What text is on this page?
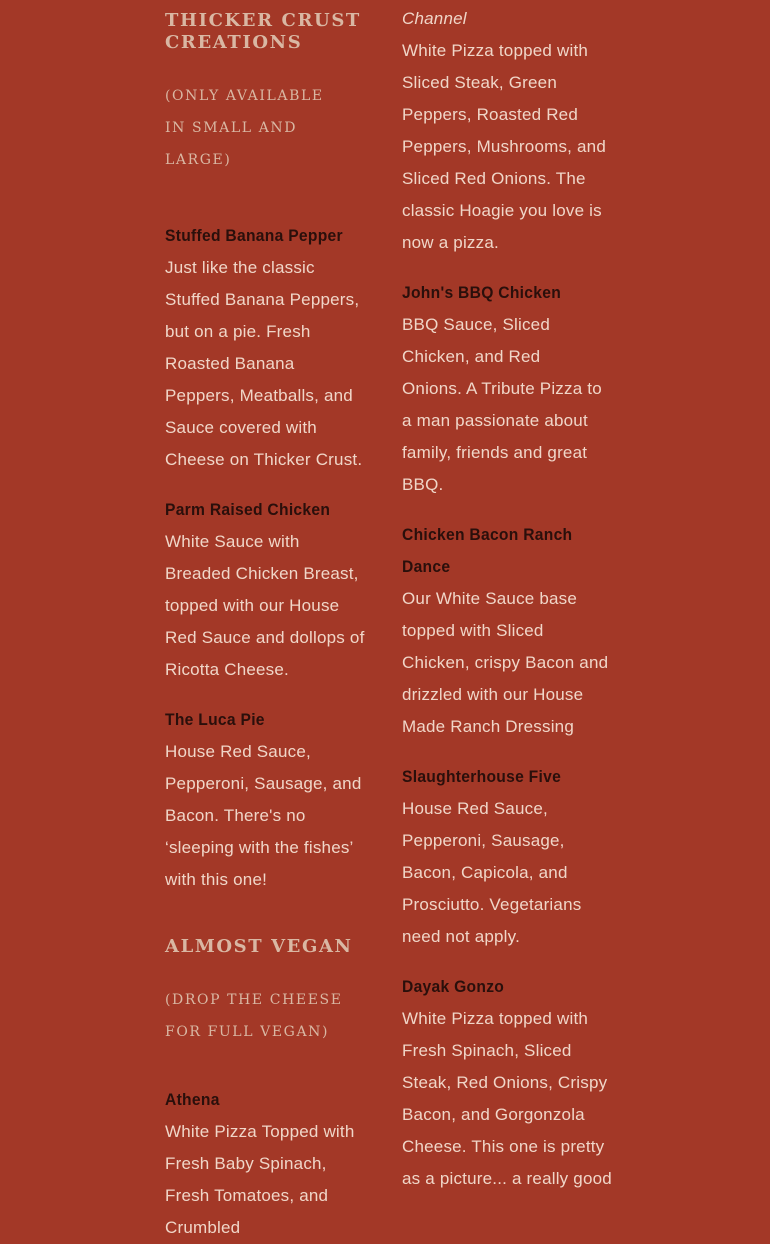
THICKER CRUST CREATIONS

(ONLY AVAILABLE IN SMALL AND LARGE)

Stuffed Banana Pepper

Just like the classic Stuffed Banana Peppers, but on a pie. Fresh Roasted Banana Peppers, Meatballs, and Sauce covered with Cheese on Thicker Crust.

Parm Raised Chicken

White Sauce with Breaded Chicken Breast, topped with our House Red Sauce and dollops of Ricotta Cheese.

The Luca Pie

House Red Sauce, Pepperoni, Sausage, and Bacon. There's no ‘sleeping with the fishes’ with this one!

ALMOST VEGAN

(DROP THE CHEESE FOR FULL VEGAN)

Athena

White Pizza Topped with Fresh Baby Spinach, Fresh Tomatoes, and Crumbled

Channel

White Pizza topped with Sliced Steak, Green Peppers, Roasted Red Peppers, Mushrooms, and Sliced Red Onions. The classic Hoagie you love is now a pizza.

John's BBQ Chicken

BBQ Sauce, Sliced Chicken, and Red Onions. A Tribute Pizza to a man passionate about family, friends and great BBQ.

Chicken Bacon Ranch Dance

Our White Sauce base topped with Sliced Chicken, crispy Bacon and drizzled with our House Made Ranch Dressing

Slaughterhouse Five

House Red Sauce, Pepperoni, Sausage, Bacon, Capicola, and Prosciutto. Vegetarians need not apply.

Dayak Gonzo

White Pizza topped with Fresh Spinach, Sliced Steak, Red Onions, Crispy Bacon, and Gorgonzola Cheese. This one is pretty as a picture... a really good
